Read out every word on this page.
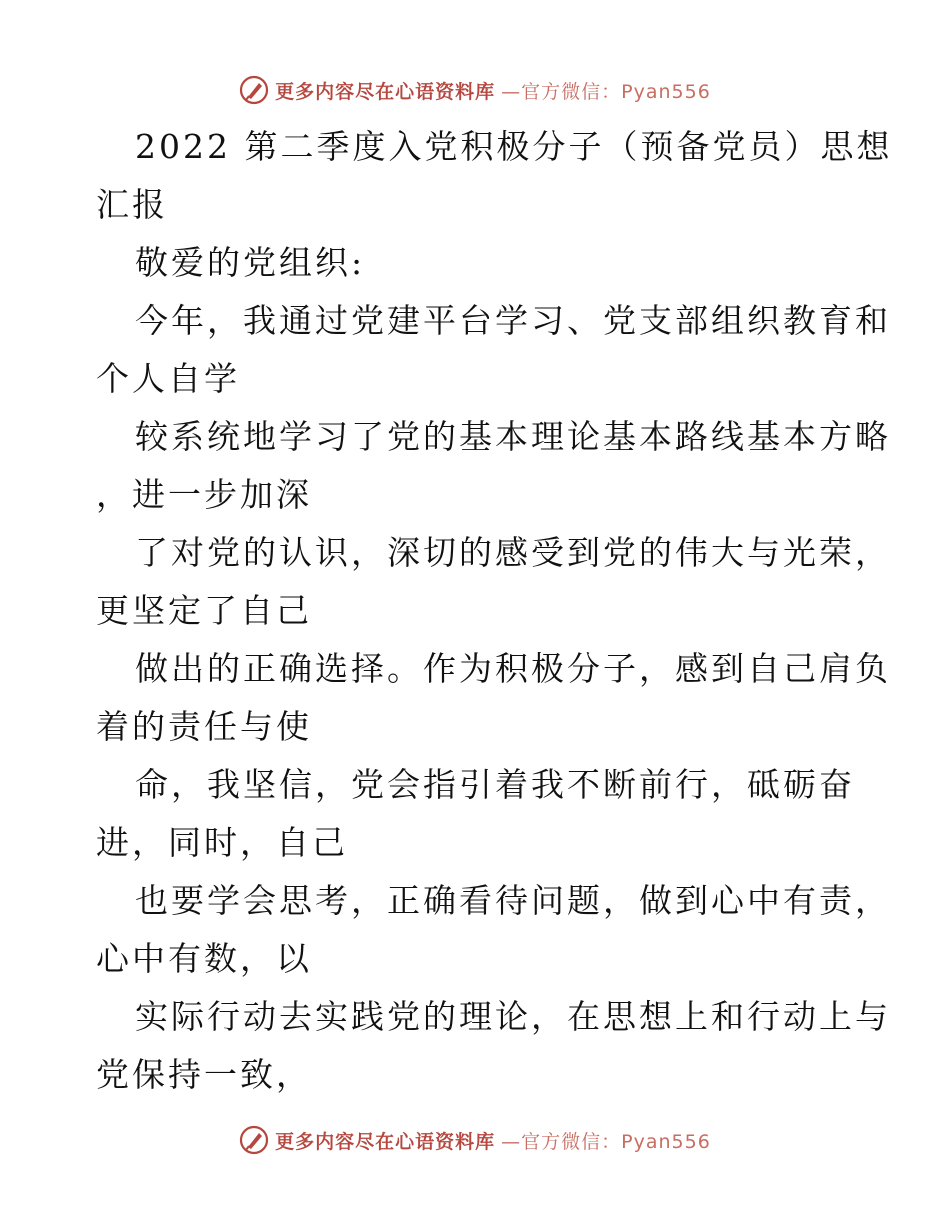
更多内容尽在心语资料库 —官方微信：Pyan556
2022 第二季度入党积极分子（预备党员）思想
汇报
敬爱的党组织:
今年，我通过党建平台学习、党支部组织教育和
个人自学
较系统地学习了党的基本理论基本路线基本方略
，进一步加深
了对党的认识，深切的感受到党的伟大与光荣，
更坚定了自己
做出的正确选择。作为积极分子，感到自己肩负
着的责任与使
命，我坚信，党会指引着我不断前行，砥砺奋
进，同时，自己
也要学会思考，正确看待问题，做到心中有责，
心中有数，以
实际行动去实践党的理论，在思想上和行动上与
党保持一致，
更多内容尽在心语资料库 —官方微信：Pyan556
